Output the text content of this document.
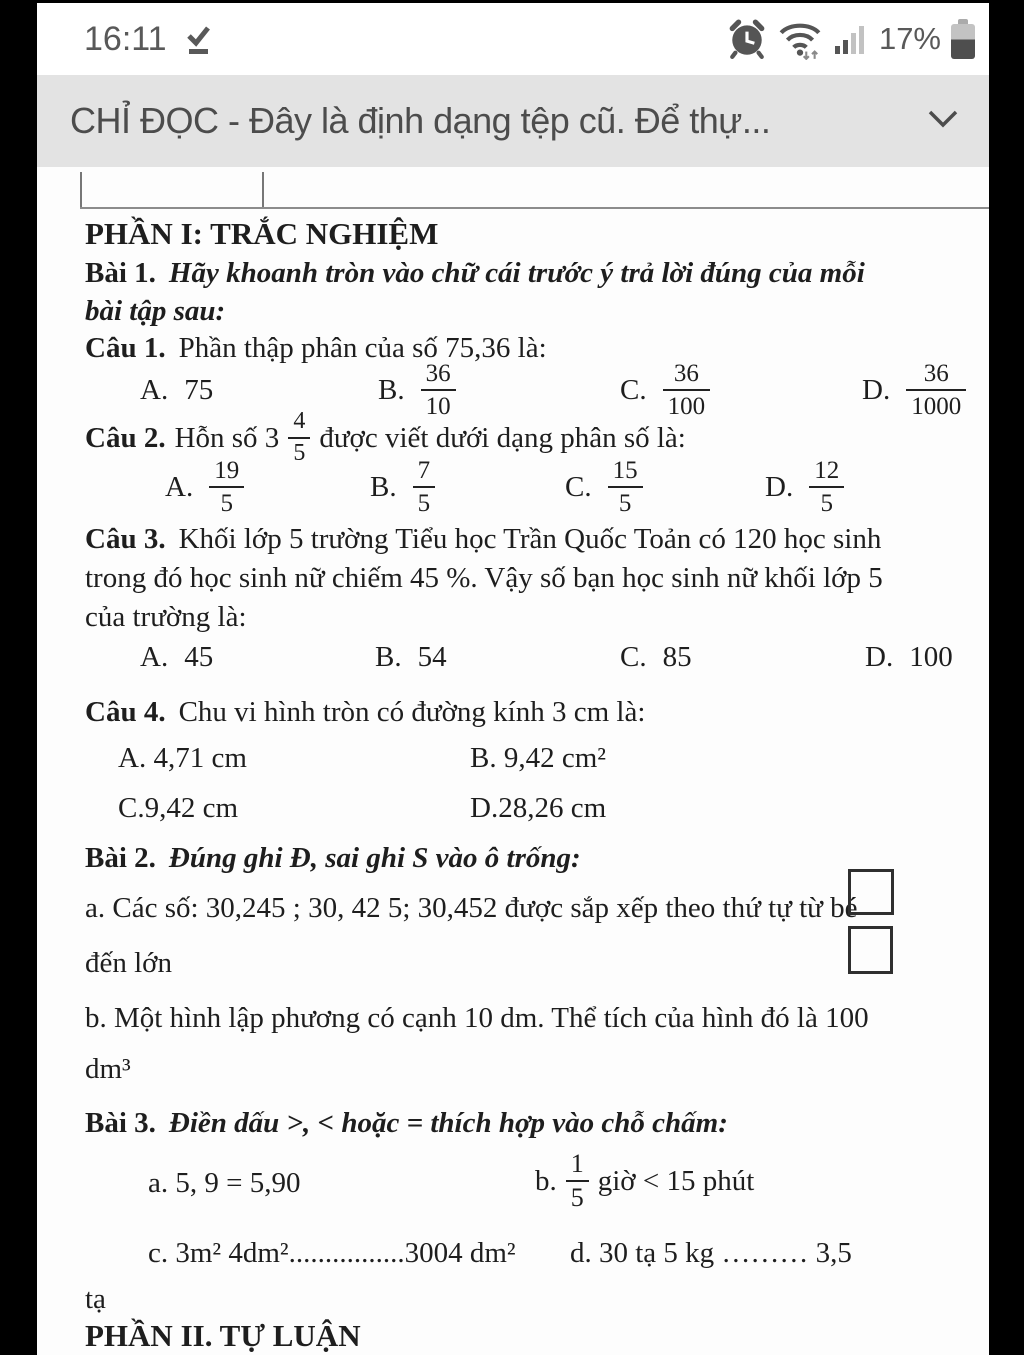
16:11	17%
CHỈ ĐỌC - Đây là định dạng tệp cũ. Để thự...
PHẦN I: TRẮC NGHIỆM
Bài 1. Hãy khoanh tròn vào chữ cái trước ý trả lời đúng của mỗi
bài tập sau:
Câu 1. Phần thập phân của số 75,36 là:
A. 75	B. $\frac{36}{10}$	C. $\frac{36}{100}$	D. $\frac{36}{1000}$
Câu 2. Hỗn số $3 \frac{4}{5}$ được viết dưới dạng phân số là:
A. $\frac{19}{5}$	B. $\frac{7}{5}$	C. $\frac{15}{5}$	D. $\frac{12}{5}$
Câu 3. Khối lớp 5 trường Tiểu học Trần Quốc Toản có 120 học sinh
trong đó học sinh nữ chiếm 45 %. Vậy số bạn học sinh nữ khối lớp 5
của trường là:
A. 45	B. 54	C. 85	D. 100
Câu 4. Chu vi hình tròn có đường kính 3 cm là:
A. 4,71 cm	B. 9,42 cm²
C.9,42 cm	D.28,26 cm
Bài 2. Đúng ghi Đ, sai ghi S vào ô trống:
a. Các số: 30,245 ; 30, 42 5; 30,452 được sắp xếp theo thứ tự từ bé
đến lớn
b. Một hình lập phương có cạnh 10 dm. Thể tích của hình đó là 100
dm³
Bài 3. Điền dấu >, < hoặc = thích hợp vào chỗ chấm:
a. 5, 9 = 5,90	b. $\frac{1}{5}$ giờ < 15 phút
c. 3m² 4dm²................3004 dm² d. 30 tạ 5 kg ……… 3,5
tạ
PHẦN II. TỰ LUẬN
